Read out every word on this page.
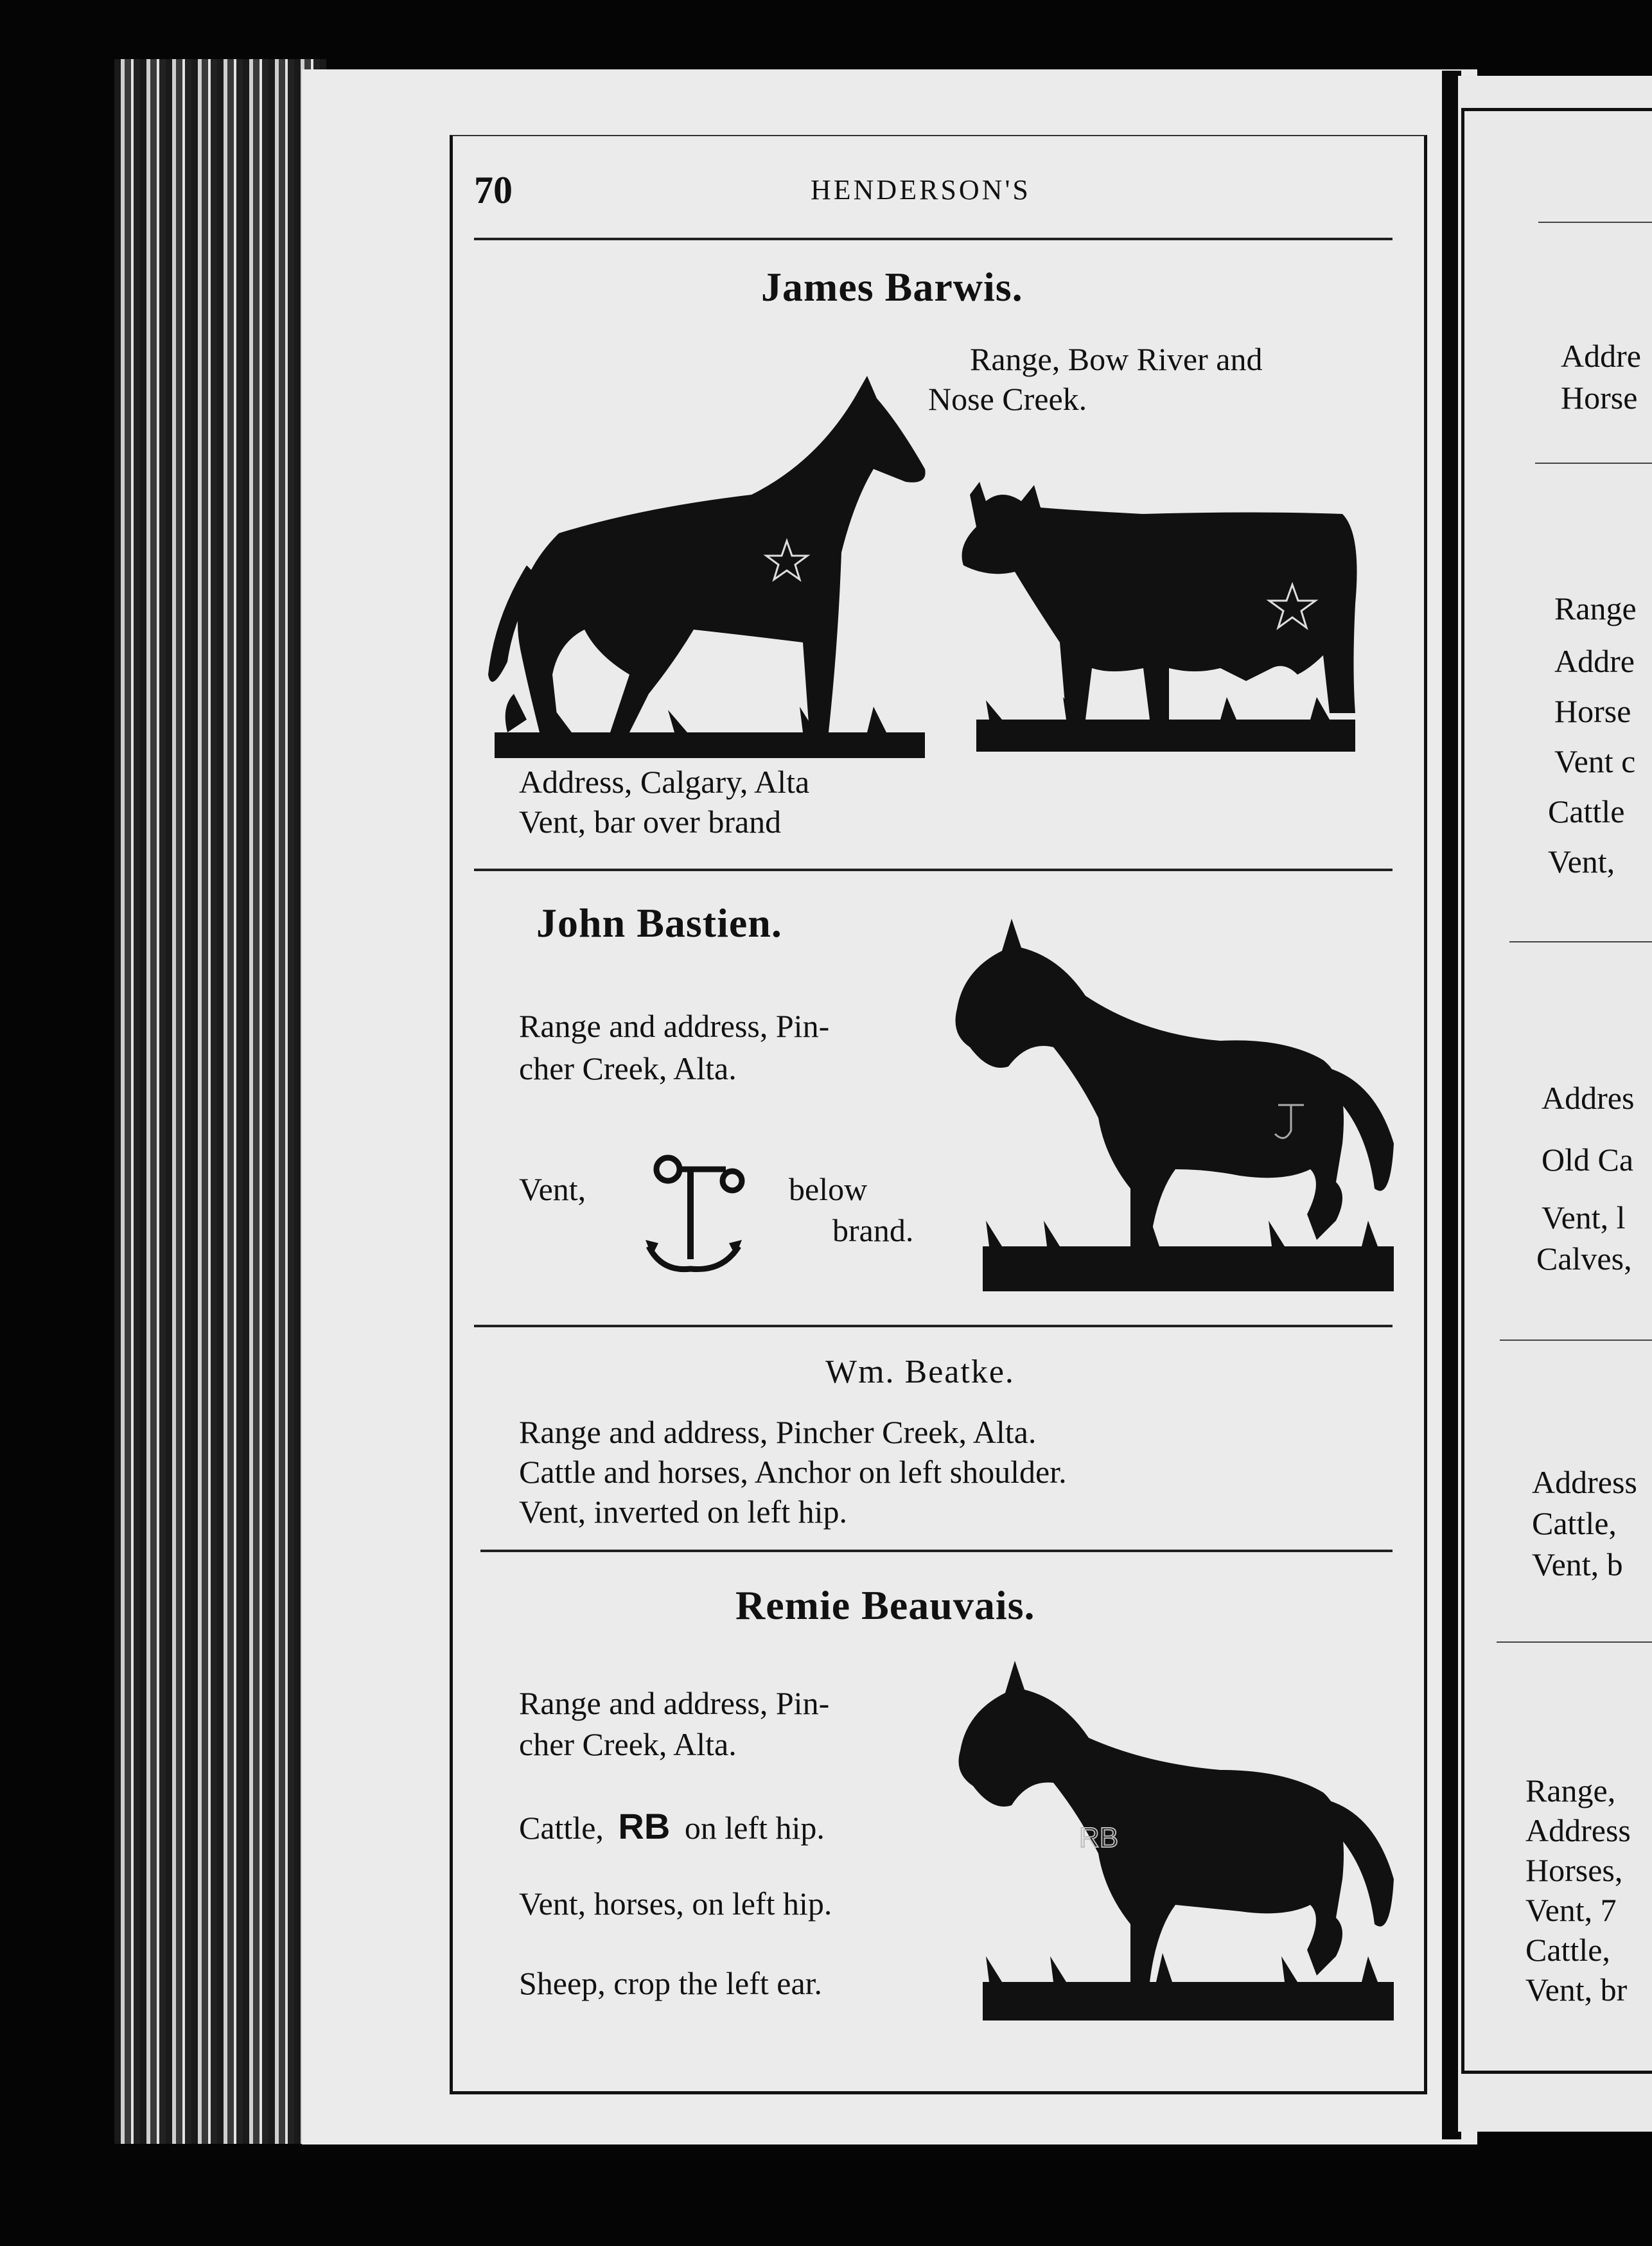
70	HENDERSON'S
James Barwis.
Range, Bow River and
Nose Creek.
Address, Calgary, Alta
Vent, bar over brand
John Bastien.
Range and address, Pin-
cher Creek, Alta.
Vent,	below
brand.
Wm. Beatke.
Range and address, Pincher Creek, Alta.
Cattle and horses, Anchor on left shoulder.
Vent, inverted on left hip.
Remie Beauvais.
Range and address, Pin-
cher Creek, Alta.
Cattle, RB on left hip.
Vent, horses, on left hip.
Sheep, crop the left ear.
RB
Addre
Horse
Range
Addre
Horse
Vent c
Cattle
Vent,
Addres
Old Ca
Vent, l
Calves,
Address
Cattle,
Vent, b
Range,
Address
Horses,
Vent, 7
Cattle,
Vent, br
